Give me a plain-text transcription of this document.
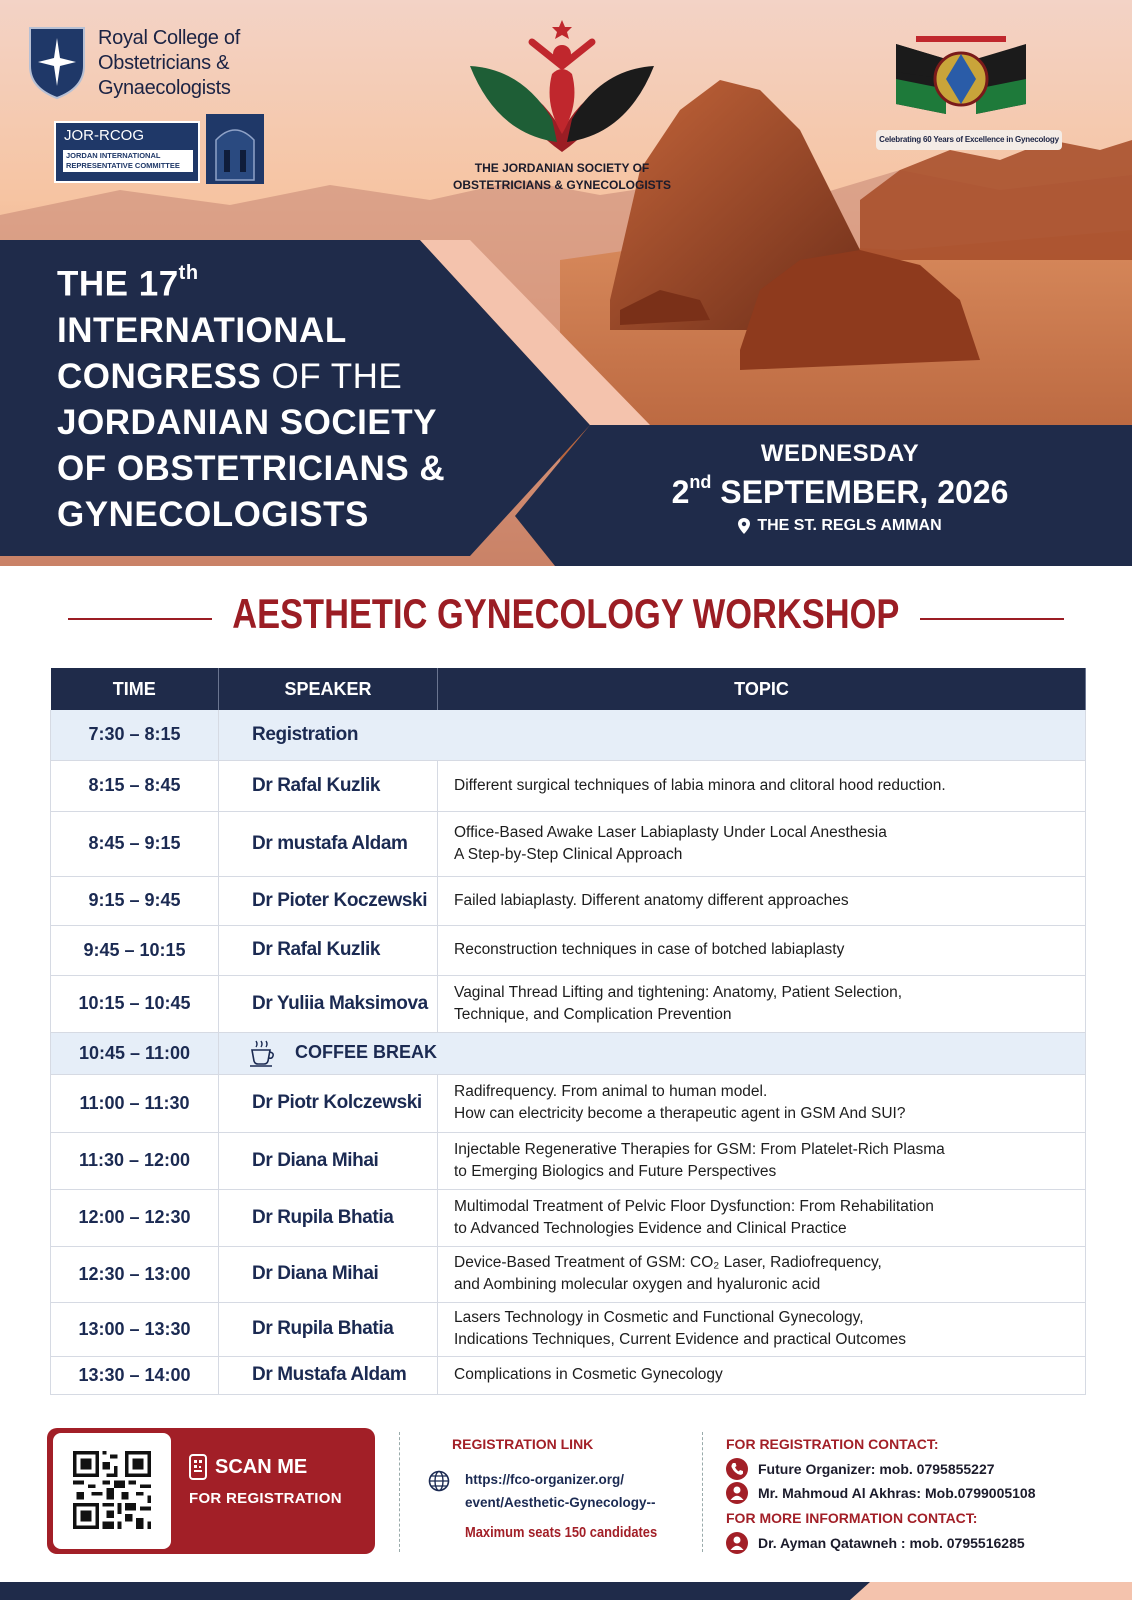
Royal College of
Obstetricians &
Gynaecologists
JOR-RCOG
JORDAN INTERNATIONAL
REPRESENTATIVE COMMITTEE	THE JORDANIAN SOCIETY OF
OBSTETRICIANS & GYNECOLOGISTS
Celebrating 60 Years of Excellence in Gynecology
THE 17th
INTERNATIONAL
CONGRESS OF THE
JORDANIAN SOCIETY
OF OBSTETRICIANS &
GYNECOLOGISTS
WEDNESDAY
2nd SEPTEMBER, 2026
THE ST. REGLS AMMAN
AESTHETIC GYNECOLOGY WORKSHOP
TIME	SPEAKER	TOPIC
7:30 – 8:15	Registration	
8:15 – 8:45	Dr Rafal Kuzlik	Different surgical techniques of labia minora and clitoral hood reduction.

8:45 – 9:15	Dr mustafa Aldam	Office-Based Awake Laser Labiaplasty Under Local Anesthesia
A Step-by-Step Clinical Approach

9:15 – 9:45	Dr Pioter Koczewski	Failed labiaplasty. Different anatomy different approaches

9:45 – 10:15	Dr Rafal Kuzlik	Reconstruction techniques in case of botched labiaplasty

10:15 – 10:45	Dr Yuliia Maksimova	Vaginal Thread Lifting and tightening: Anatomy, Patient Selection,
Technique, and Complication Prevention

10:45 – 11:00	COFFEE BREAK	
11:00 – 11:30	Dr Piotr Kolczewski	Radifrequency. From animal to human model.
How can electricity become a therapeutic agent in GSM And SUI?

11:30 – 12:00	Dr Diana Mihai	Injectable Regenerative Therapies for GSM: From Platelet-Rich Plasma
to Emerging Biologics and Future Perspectives

12:00 – 12:30	Dr Rupila Bhatia	Multimodal Treatment of Pelvic Floor Dysfunction: From Rehabilitation
to Advanced Technologies Evidence and Clinical Practice

12:30 – 13:00	Dr Diana Mihai	Device-Based Treatment of GSM: CO₂ Laser, Radiofrequency,
and Aombining molecular oxygen and hyaluronic acid

13:00 – 13:30	Dr Rupila Bhatia	Lasers Technology in Cosmetic and Functional Gynecology,
Indications Techniques, Current Evidence and practical Outcomes

13:30 – 14:00	Dr Mustafa Aldam	Complications in Cosmetic Gynecology
SCAN ME
FOR REGISTRATION
REGISTRATION LINK
https://fco-organizer.org/
event/Aesthetic-Gynecology--
Maximum seats 150 candidates
FOR REGISTRATION CONTACT:
Future Organizer: mob. 0795855227
Mr. Mahmoud Al Akhras: Mob.0799005108
FOR MORE INFORMATION CONTACT:
Dr. Ayman Qatawneh : mob. 0795516285
